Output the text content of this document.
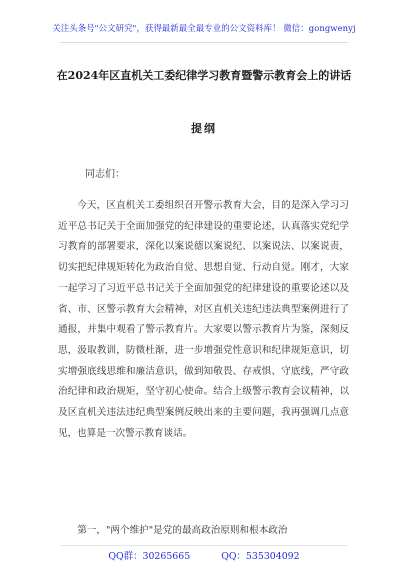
关注头条号"公文研究"，获得最新最全最专业的公文资料库！ 微信：gongwenyj
在2024年区直机关工委纪律学习教育暨警示教育会上的讲话
提纲
同志们：

今天，区直机关工委组织召开警示教育大会，目的是深入学习习近平总书记关于全面加强党的纪律建设的重要论述，认真落实党纪学习教育的部署要求，深化以案说德以案说纪、以案说法、以案说责，切实把纪律规矩转化为政治自觉、思想自觉、行动自觉。刚才，大家一起学习了习近平总书记关于全面加强党的纪律建设的重要论述以及省、市、区警示教育大会精神，对区直机关违纪违法典型案例进行了通报，并集中观看了警示教育片。大家要以警示教育片为鉴，深刻反思，汲取教训，防微杜渐，进一步增强党性意识和纪律规矩意识，切实增强底线思维和廉洁意识，做到知敬畏、存戒惧、守底线，严守政治纪律和政治规矩，坚守初心使命。结合上级警示教育会议精神，以及区直机关违法违纪典型案例反映出来的主要问题，我再强调几点意见，也算是一次警示教育谈话。

第一，"两个维护"是党的最高政治原则和根本政治

QQ群：30265665	QQ：535304092
